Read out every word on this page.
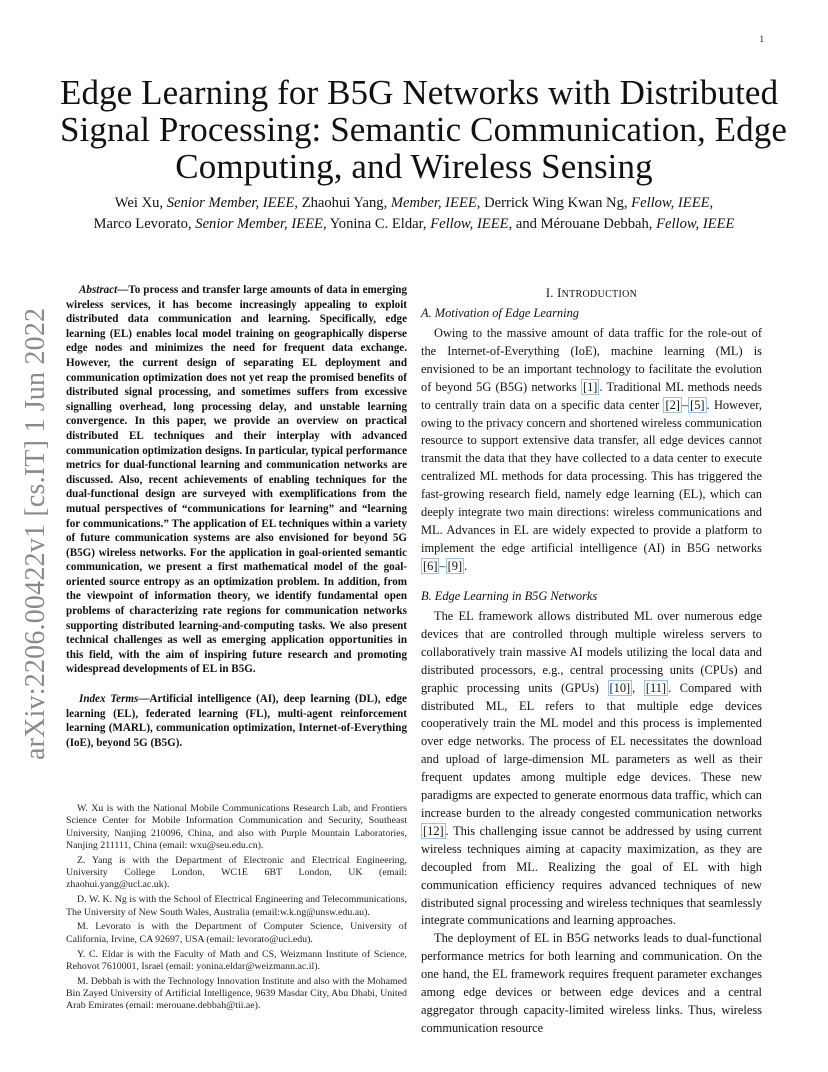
1
arXiv:2206.00422v1 [cs.IT] 1 Jun 2022
Edge Learning for B5G Networks with Distributed
Signal Processing: Semantic Communication, Edge
Computing, and Wireless Sensing
Wei Xu, Senior Member, IEEE, Zhaohui Yang, Member, IEEE, Derrick Wing Kwan Ng, Fellow, IEEE,
Marco Levorato, Senior Member, IEEE, Yonina C. Eldar, Fellow, IEEE, and Mérouane Debbah, Fellow, IEEE

Abstract—To process and transfer large amounts of data in emerging wireless services, it has become increasingly appealing to exploit distributed data communication and learning. Specifically, edge learning (EL) enables local model training on geographically disperse edge nodes and minimizes the need for frequent data exchange. However, the current design of separating EL deployment and communication optimization does not yet reap the promised benefits of distributed signal processing, and sometimes suffers from excessive signalling overhead, long processing delay, and unstable learning convergence. In this paper, we provide an overview on practical distributed EL techniques and their interplay with advanced communication optimization designs. In particular, typical performance metrics for dual-functional learning and communication networks are discussed. Also, recent achievements of enabling techniques for the dual-functional design are surveyed with exemplifications from the mutual perspectives of “communications for learning” and “learning for communications.” The application of EL techniques within a variety of future communication systems are also envisioned for beyond 5G (B5G) wireless networks. For the application in goal-oriented semantic communication, we present a first mathematical model of the goal-oriented source entropy as an optimization problem. In addition, from the viewpoint of information theory, we identify fundamental open problems of characterizing rate regions for communication networks supporting distributed learning-and-computing tasks. We also present technical challenges as well as emerging application opportunities in this field, with the aim of inspiring future research and promoting widespread developments of EL in B5G.

Index Terms—Artificial intelligence (AI), deep learning (DL), edge learning (EL), federated learning (FL), multi-agent reinforcement learning (MARL), communication optimization, Internet-of-Everything (IoE), beyond 5G (B5G).

W. Xu is with the National Mobile Communications Research Lab, and Frontiers Science Center for Mobile Information Communication and Security, Southeast University, Nanjing 210096, China, and also with Purple Mountain Laboratories, Nanjing 211111, China (email: wxu@seu.edu.cn).

Z. Yang is with the Department of Electronic and Electrical Engineering, University College London, WC1E 6BT London, UK (email: zhaohui.yang@ucl.ac.uk).

D. W. K. Ng is with the School of Electrical Engineering and Telecommunications, The University of New South Wales, Australia (email:w.k.ng@unsw.edu.au).

M. Levorato is with the Department of Computer Science, University of California, Irvine, CA 92697, USA (email: levorato@uci.edu).

Y. C. Eldar is with the Faculty of Math and CS, Weizmann Institute of Science, Rehovot 7610001, Israel (email: yonina.eldar@weizmann.ac.il).

M. Debbah is with the Technology Innovation Institute and also with the Mohamed Bin Zayed University of Artificial Intelligence, 9639 Masdar City, Abu Dhabi, United Arab Emirates (email: merouane.debbah@tii.ae).

I. INTRODUCTION
A. Motivation of Edge Learning

Owing to the massive amount of data traffic for the role-out of the Internet-of-Everything (IoE), machine learning (ML) is envisioned to be an important technology to facilitate the evolution of beyond 5G (B5G) networks [1] . Traditional ML methods needs to centrally train data on a specific data center [2] – [5] . However, owing to the privacy concern and shortened wireless communication resource to support extensive data transfer, all edge devices cannot transmit the data that they have collected to a data center to execute centralized ML methods for data processing. This has triggered the fast-growing research field, namely edge learning (EL), which can deeply integrate two main directions: wireless communications and ML. Advances in EL are widely expected to provide a platform to implement the edge artificial intelligence (AI) in B5G networks [6] – [9] .

B. Edge Learning in B5G Networks

The EL framework allows distributed ML over numerous edge devices that are controlled through multiple wireless servers to collaboratively train massive AI models utilizing the local data and distributed processors, e.g., central processing units (CPUs) and graphic processing units (GPUs) [10] , [11] . Compared with distributed ML, EL refers to that multiple edge devices cooperatively train the ML model and this process is implemented over edge networks. The process of EL necessitates the download and upload of large-dimension ML parameters as well as their frequent updates among multiple edge devices. These new paradigms are expected to generate enormous data traffic, which can increase burden to the already congested communication networks [12] . This challenging issue cannot be addressed by using current wireless techniques aiming at capacity maximization, as they are decoupled from ML. Realizing the goal of EL with high communication efficiency requires advanced techniques of new distributed signal processing and wireless techniques that seamlessly integrate communications and learning approaches.

The deployment of EL in B5G networks leads to dual-functional performance metrics for both learning and communication. On the one hand, the EL framework requires frequent parameter exchanges among edge devices or between edge devices and a central aggregator through capacity-limited wireless links. Thus, wireless communication resource
